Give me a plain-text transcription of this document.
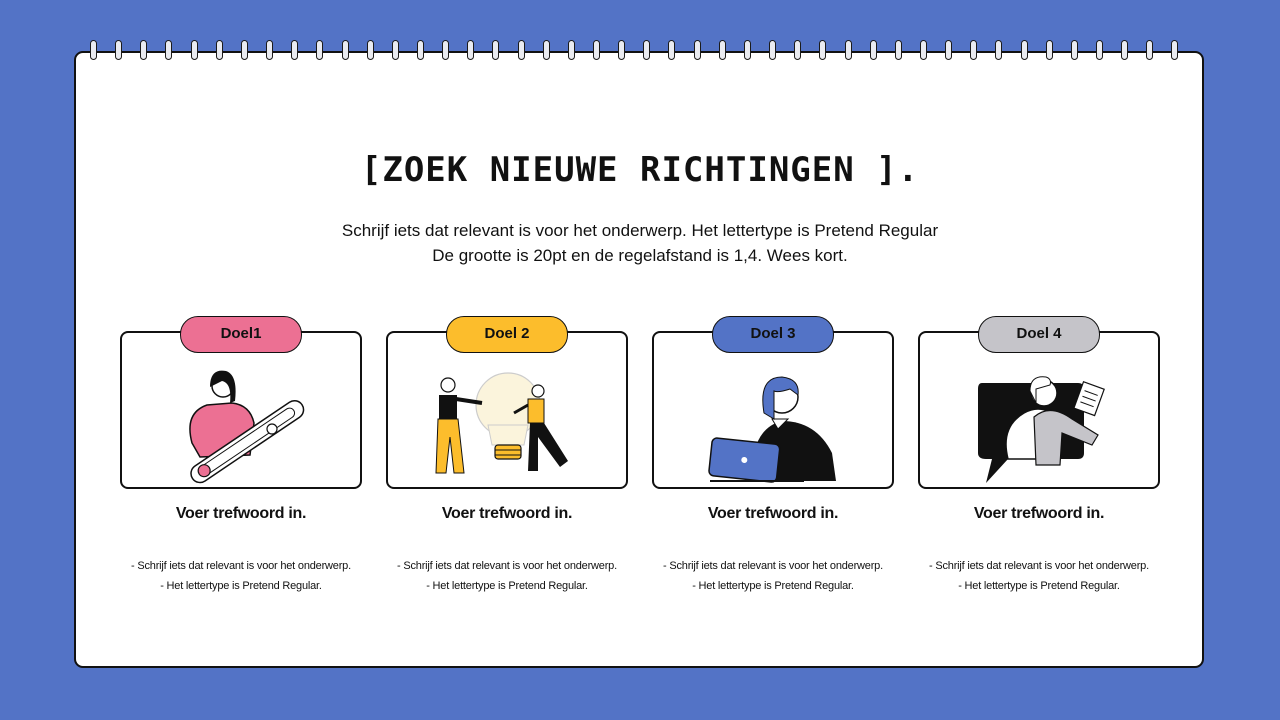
[ZOEK NIEUWE RICHTINGEN ].
Schrijf iets dat relevant is voor het onderwerp. Het lettertype is Pretend Regular
De grootte is 20pt en de regelafstand is 1,4. Wees kort.
Doel1
Voer trefwoord in.
- Schrijf iets dat relevant is voor het onderwerp.
- Het lettertype is Pretend Regular.
Doel 2
Voer trefwoord in.
- Schrijf iets dat relevant is voor het onderwerp.
- Het lettertype is Pretend Regular.
Doel 3
Voer trefwoord in.
- Schrijf iets dat relevant is voor het onderwerp.
- Het lettertype is Pretend Regular.
Doel 4
Voer trefwoord in.
- Schrijf iets dat relevant is voor het onderwerp.
- Het lettertype is Pretend Regular.
